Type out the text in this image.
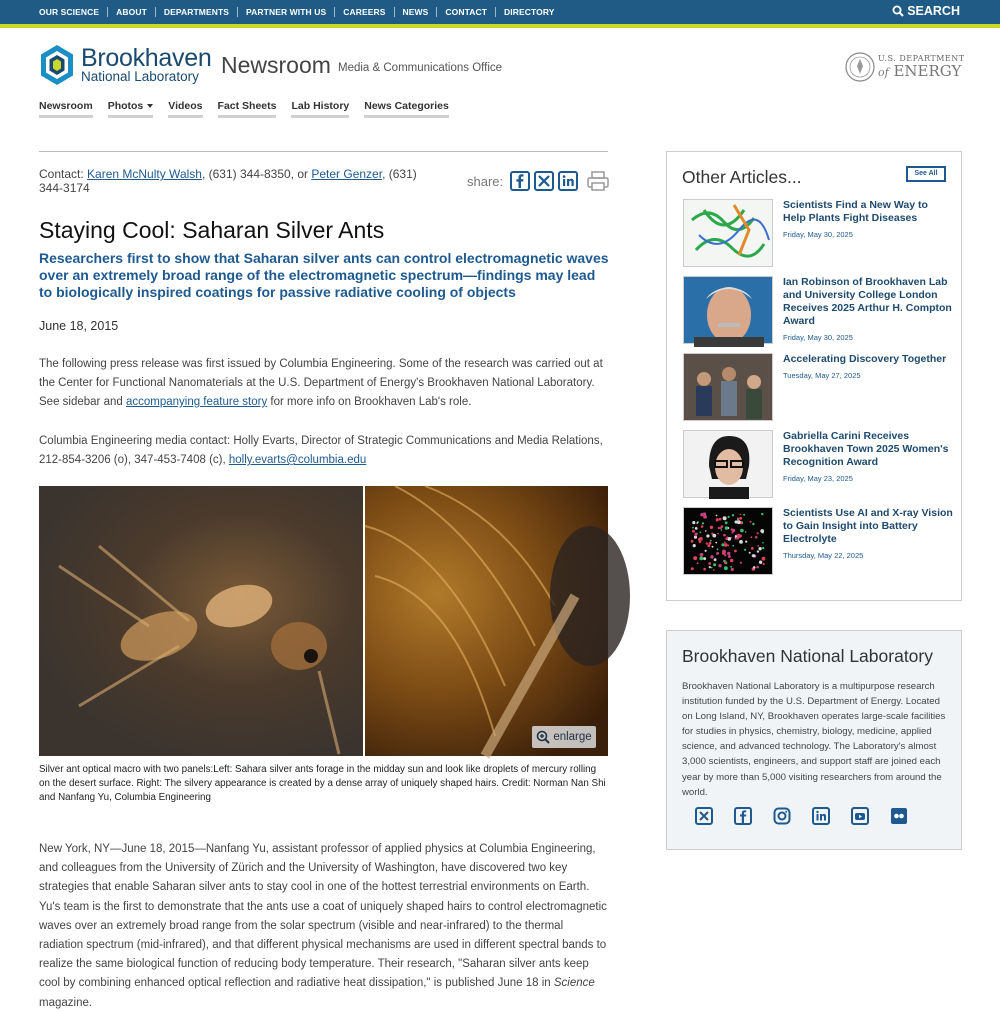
OUR SCIENCE ABOUT DEPARTMENTS PARTNER WITH US CAREERS NEWS CONTACT DIRECTORY	SEARCH
Brookhaven
National Laboratory Newsroom Media & Communications Office
U.S. DEPARTMENT
of ENERGY
Newsroom Photos	Videos Fact Sheets Lab History News Categories
Contact: Karen McNulty Walsh, (631) 344-8350, or Peter Genzer, (631) 344-3174	share:
Staying Cool: Saharan Silver Ants
Researchers first to show that Saharan silver ants can control electromagnetic waves over an extremely broad range of the electromagnetic spectrum—findings may lead to biologically inspired coatings for passive radiative cooling of objects
June 18, 2015
The following press release was first issued by Columbia Engineering. Some of the research was carried out at the Center for Functional Nanomaterials at the U.S. Department of Energy's Brookhaven National Laboratory. See sidebar and accompanying feature story for more info on Brookhaven Lab's role.
Columbia Engineering media contact: Holly Evarts, Director of Strategic Communications and Media Relations, 212-854-3206 (o), 347-453-7408 (c), holly.evarts@columbia.edu
enlarge
Silver ant optical macro with two panels:Left: Sahara silver ants forage in the midday sun and look like droplets of mercury rolling on the desert surface. Right: The silvery appearance is created by a dense array of uniquely shaped hairs. Credit: Norman Nan Shi and Nanfang Yu, Columbia Engineering
New York, NY—June 18, 2015—Nanfang Yu, assistant professor of applied physics at Columbia Engineering, and colleagues from the University of Zürich and the University of Washington, have discovered two key strategies that enable Saharan silver ants to stay cool in one of the hottest terrestrial environments on Earth. Yu's team is the first to demonstrate that the ants use a coat of uniquely shaped hairs to control electromagnetic waves over an extremely broad range from the solar spectrum (visible and near-infrared) to the thermal radiation spectrum (mid-infrared), and that different physical mechanisms are used in different spectral bands to realize the same biological function of reducing body temperature. Their research, "Saharan silver ants keep cool by combining enhanced optical reflection and radiative heat dissipation," is published June 18 in Science magazine.
Other Articles...	See All
Scientists Find a New Way to Help Plants Fight Diseases
Friday, May 30, 2025
Ian Robinson of Brookhaven Lab and University College London Receives 2025 Arthur H. Compton Award
Friday, May 30, 2025
Accelerating Discovery Together
Tuesday, May 27, 2025
Gabriella Carini Receives Brookhaven Town 2025 Women's Recognition Award
Friday, May 23, 2025
Scientists Use AI and X-ray Vision to Gain Insight into Battery Electrolyte
Thursday, May 22, 2025
Brookhaven National Laboratory
Brookhaven National Laboratory is a multipurpose research institution funded by the U.S. Department of Energy. Located on Long Island, NY, Brookhaven operates large-scale facilities for studies in physics, chemistry, biology, medicine, applied science, and advanced technology. The Laboratory's almost 3,000 scientists, engineers, and support staff are joined each year by more than 5,000 visiting researchers from around the world.
